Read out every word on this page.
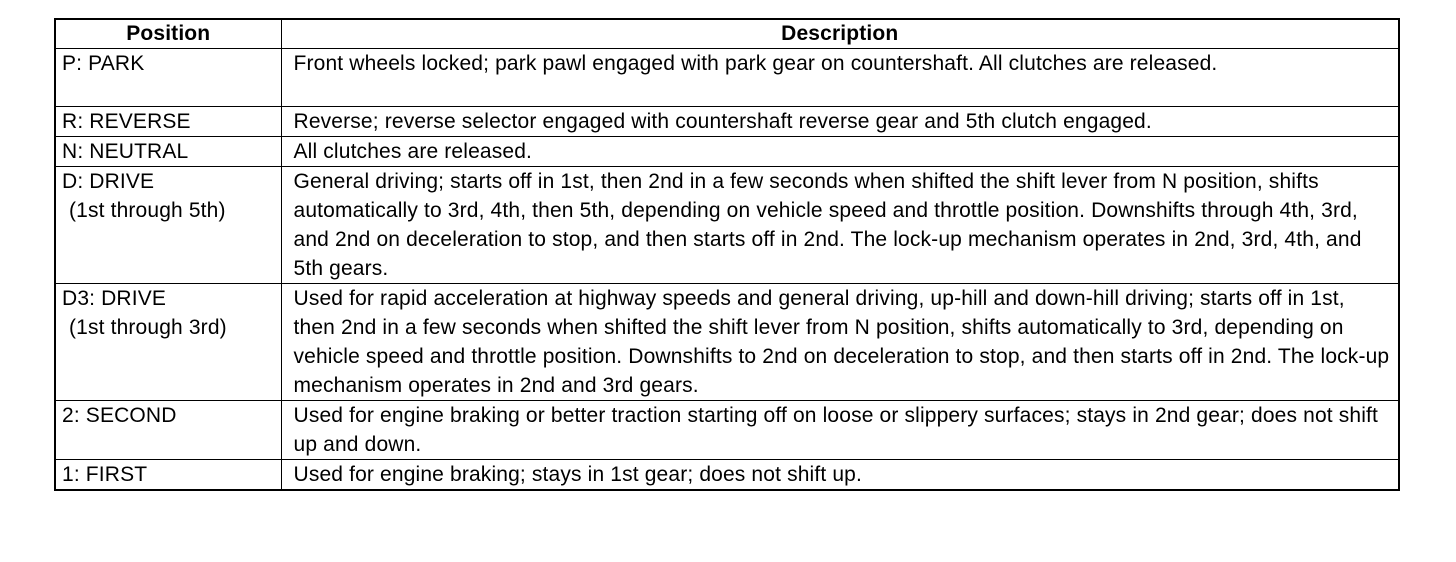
Position	Description

P: PARK	Front wheels locked; park pawl engaged with park gear on countershaft. All clutches are released.

R: REVERSE	Reverse; reverse selector engaged with countershaft reverse gear and 5th clutch engaged.

N: NEUTRAL	All clutches are released.

D: DRIVE
(1st through 5th)	General driving; starts off in 1st, then 2nd in a few seconds when shifted the shift lever from N position, shifts automatically to 3rd, 4th, then 5th, depending on vehicle speed and throttle position. Downshifts through 4th, 3rd, and 2nd on deceleration to stop, and then starts off in 2nd. The lock-up mechanism operates in 2nd, 3rd, 4th, and 5th gears.

D3: DRIVE
(1st through 3rd)	Used for rapid acceleration at highway speeds and general driving, up-hill and down-hill driving; starts off in 1st, then 2nd in a few seconds when shifted the shift lever from N position, shifts automatically to 3rd, depending on vehicle speed and throttle position. Downshifts to 2nd on deceleration to stop, and then starts off in 2nd. The lock-up mechanism operates in 2nd and 3rd gears.

2: SECOND	Used for engine braking or better traction starting off on loose or slippery surfaces; stays in 2nd gear; does not shift up and down.

1: FIRST	Used for engine braking; stays in 1st gear; does not shift up.
